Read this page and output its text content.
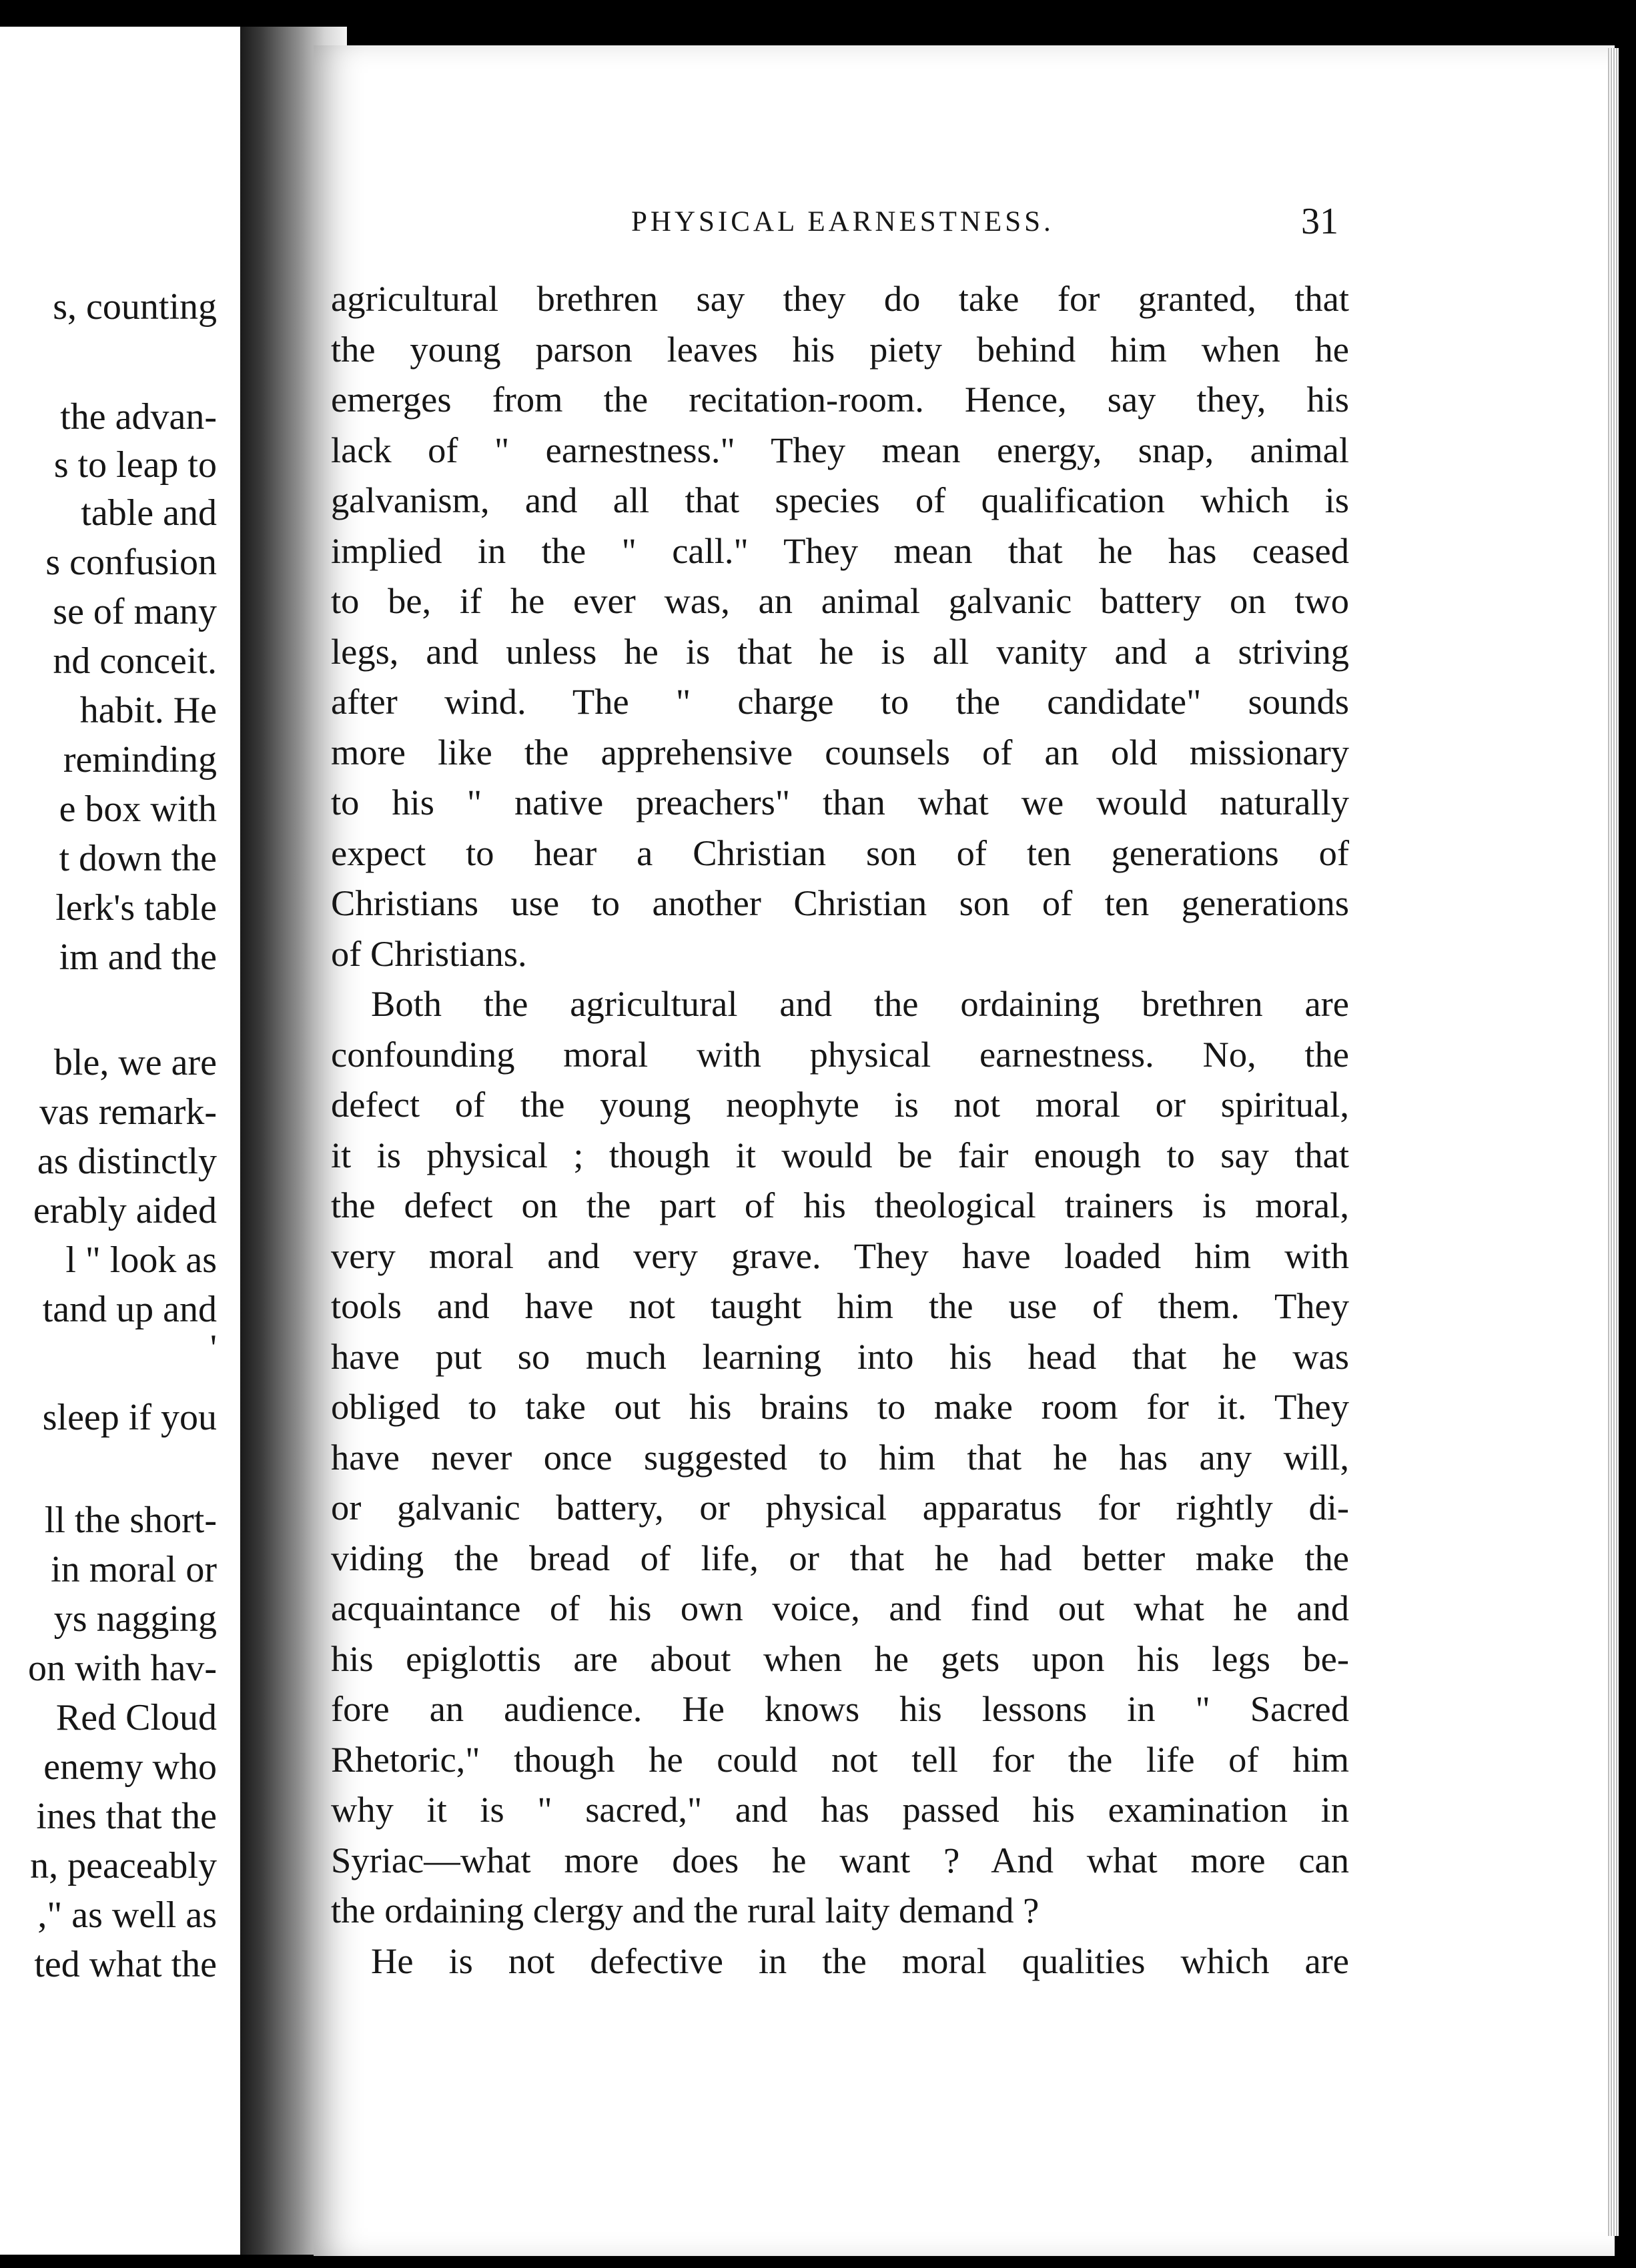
s, counting
the advan-
s to leap to
table and
s confusion
se of many
nd conceit.
habit. He
reminding
e box with
t down the
lerk's table
im and the
ble, we are
vas remark-
as distinctly
erably aided
l " look as
tand up and
'
sleep if you
ll the short-
in moral or
ys nagging
on with hav-
Red Cloud
enemy who
ines that the
n, peaceably
," as well as
ted what the
PHYSICAL EARNESTNESS.	31
agricultural brethren say they do take for granted, that
the young parson leaves his piety behind him when he
emerges from the recitation-room. Hence, say they, his
lack of " earnestness." They mean energy, snap, animal
galvanism, and all that species of qualification which is
implied in the " call." They mean that he has ceased
to be, if he ever was, an animal galvanic battery on two
legs, and unless he is that he is all vanity and a striving
after wind. The " charge to the candidate" sounds
more like the apprehensive counsels of an old missionary
to his " native preachers" than what we would naturally
expect to hear a Christian son of ten generations of
Christians use to another Christian son of ten generations
of Christians.
Both the agricultural and the ordaining brethren are
confounding moral with physical earnestness. No, the
defect of the young neophyte is not moral or spiritual,
it is physical ; though it would be fair enough to say that
the defect on the part of his theological trainers is moral,
very moral and very grave. They have loaded him with
tools and have not taught him the use of them. They
have put so much learning into his head that he was
obliged to take out his brains to make room for it. They
have never once suggested to him that he has any will,
or galvanic battery, or physical apparatus for rightly di-
viding the bread of life, or that he had better make the
acquaintance of his own voice, and find out what he and
his epiglottis are about when he gets upon his legs be-
fore an audience. He knows his lessons in " Sacred
Rhetoric," though he could not tell for the life of him
why it is " sacred," and has passed his examination in
Syriac—what more does he want ? And what more can
the ordaining clergy and the rural laity demand ?
He is not defective in the moral qualities which are
